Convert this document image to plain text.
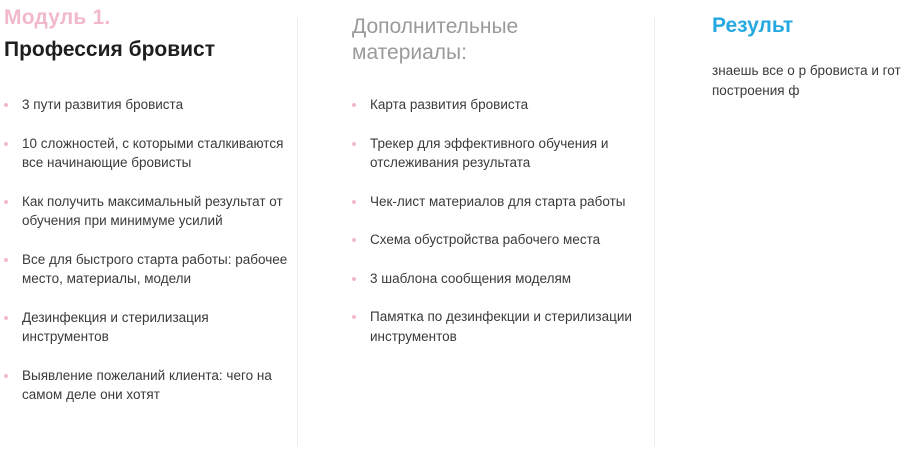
Модуль 1.
Профессия бровист
3 пути развития бровиста
10 сложностей, с которыми сталкиваются все начинающие бровисты
Как получить максимальный результат от обучения при минимуме усилий
Все для быстрого старта работы: рабочее место, материалы, модели
Дезинфекция и стерилизация инструментов
Выявление пожеланий клиента: чего на самом деле они хотят
Дополнительные материалы:
Карта развития бровиста
Трекер для эффективного обучения и отслеживания результата
Чек-лист материалов для старта работы
Схема обустройства рабочего места
3 шаблона сообщения моделям
Памятка по дезинфекции и стерилизации инструментов
Результ

знаешь все о р бровиста и гот построения ф
